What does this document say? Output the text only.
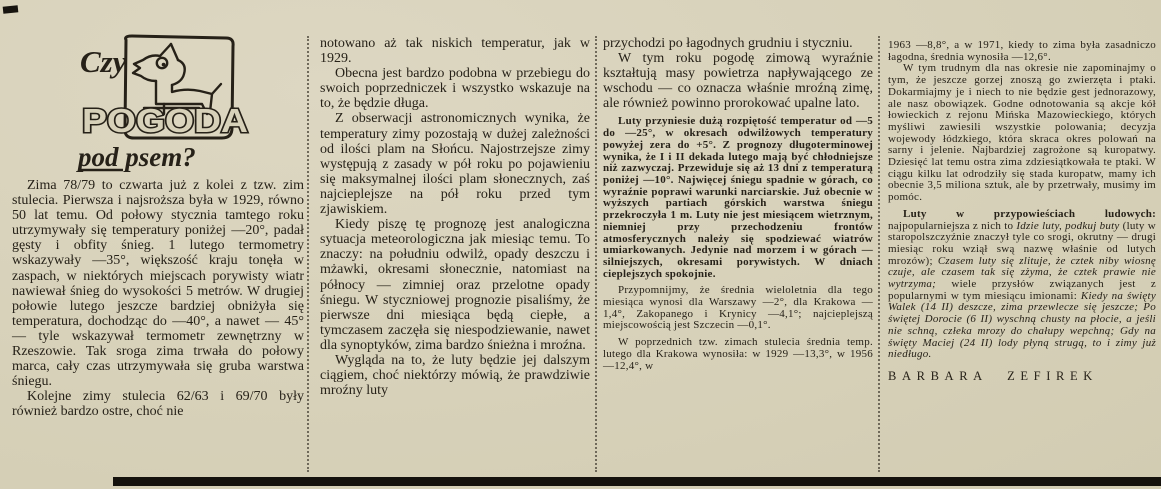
Czy
POGODA
pod psem?

Zima 78/79 to czwarta już z kolei z tzw. zim stulecia. Pierwsza i najsroższa była w 1929, równo 50 lat temu. Od połowy stycznia tamtego roku utrzymywały się temperatury poniżej —20°, padał gęsty i obfity śnieg. 1 lutego termometry wskazywały —35°, większość kraju tonęła w zaspach, w niektórych miejscach porywisty wiatr nawiewał śnieg do wysokości 5 metrów. W drugiej połowie lutego jeszcze bardziej obniżyła się temperatura, dochodząc do —40°, a nawet — 45° — tyle wskazywał termometr zewnętrzny w Rzeszowie. Tak sroga zima trwała do połowy marca, cały czas utrzymywała się gruba warstwa śniegu.

Kolejne zimy stulecia 62/63 i 69/70 były również bardzo ostre, choć nie

notowano aż tak niskich temperatur, jak w 1929.

Obecna jest bardzo podobna w przebiegu do swoich poprzedniczek i wszystko wskazuje na to, że będzie długa.

Z obserwacji astronomicznych wynika, że temperatury zimy pozostają w dużej zależności od ilości plam na Słońcu. Najostrzejsze zimy występują z zasady w pół roku po pojawieniu się maksymalnej ilości plam słonecznych, zaś najcieplejsze na pół roku przed tym zjawiskiem.

Kiedy piszę tę prognozę jest analogiczna sytuacja meteorologiczna jak miesiąc temu. To znaczy: na południu odwilż, opady deszczu i mżawki, okresami słonecznie, natomiast na północy — zimniej oraz przelotne opady śniegu. W styczniowej prognozie pisaliśmy, że pierwsze dni miesiąca będą ciepłe, a tymczasem zaczęła się niespodziewanie, nawet dla synoptyków, zima bardzo śnieżna i mroźna.

Wygląda na to, że luty będzie jej dalszym ciągiem, choć niektórzy mówią, że prawdziwie mroźny luty

przychodzi po łagodnych grudniu i styczniu.

W tym roku pogodę zimową wyraźnie kształtują masy powietrza napływającego ze wschodu — co oznacza właśnie mroźną zimę, ale również powinno prorokować upalne lato.

Luty przyniesie dużą rozpiętość temperatur od —5 do —25°, w okresach odwilżowych temperatury powyżej zera do +5°. Z prognozy długoterminowej wynika, że I i II dekada lutego mają być chłodniejsze niż zazwyczaj. Przewiduje się aż 13 dni z temperaturą poniżej —10°. Najwięcej śniegu spadnie w górach, co wyraźnie poprawi warunki narciarskie. Już obecnie w wyższych partiach górskich warstwa śniegu przekroczyła 1 m. Luty nie jest miesiącem wietrznym, niemniej przy przechodzeniu frontów atmosferycznych należy się spodziewać wiatrów umiarkowanych. Jedynie nad morzem i w górach — silniejszych, okresami porywistych. W dniach cieplejszych spokojnie.

Przypomnijmy, że średnia wieloletnia dla tego miesiąca wynosi dla Warszawy —2°, dla Krakowa —1,4°, Zakopanego i Krynicy —4,1°; najcieplejszą miejscowością jest Szczecin —0,1°.

W poprzednich tzw. zimach stulecia średnia temp. lutego dla Krakowa wynosiła: w 1929 —13,3°, w 1956 —12,4°, w

1963 —8,8°, a w 1971, kiedy to zima była zasadniczo łagodna, średnia wynosiła —12,6°.

W tym trudnym dla nas okresie nie zapominajmy o tym, że jeszcze gorzej znoszą go zwierzęta i ptaki. Dokarmiajmy je i niech to nie będzie gest jednorazowy, ale nasz obowiązek. Godne odnotowania są akcje kół łowieckich z rejonu Mińska Mazowieckiego, których myśliwi zawiesili wszystkie polowania; decyzja wojewody łódzkiego, która skraca okres polowań na sarny i jelenie. Najbardziej zagrożone są kuropatwy. Dziesięć lat temu ostra zima zdziesiątkowała te ptaki. W ciągu kilku lat odrodziły się stada kuropatw, mamy ich obecnie 3,5 miliona sztuk, ale by przetrwały, musimy im pomóc.

Luty w przypowieściach ludowych: najpopularniejsza z nich to Idzie luty, podkuj buty (luty w staropolszczyźnie znaczył tyle co srogi, okrutny — drugi miesiąc roku wziął swą nazwę właśnie od lutych mrozów); Czasem luty się zlituje, że cztek niby wiosnę czuje, ale czasem tak się zżyma, że cztek prawie nie wytrzyma; wiele przysłów związanych jest z popularnymi w tym miesiącu imionami: Kiedy na święty Walek (14 II) deszcze, zima przewlecze się jeszcze; Po świętej Dorocie (6 II) wyschną chusty na płocie, a jeśli nie schną, człeka mrozy do chałupy wepchną; Gdy na święty Maciej (24 II) lody płyną strugą, to i zimy już niedługo.

BARBARA ZEFIREK
